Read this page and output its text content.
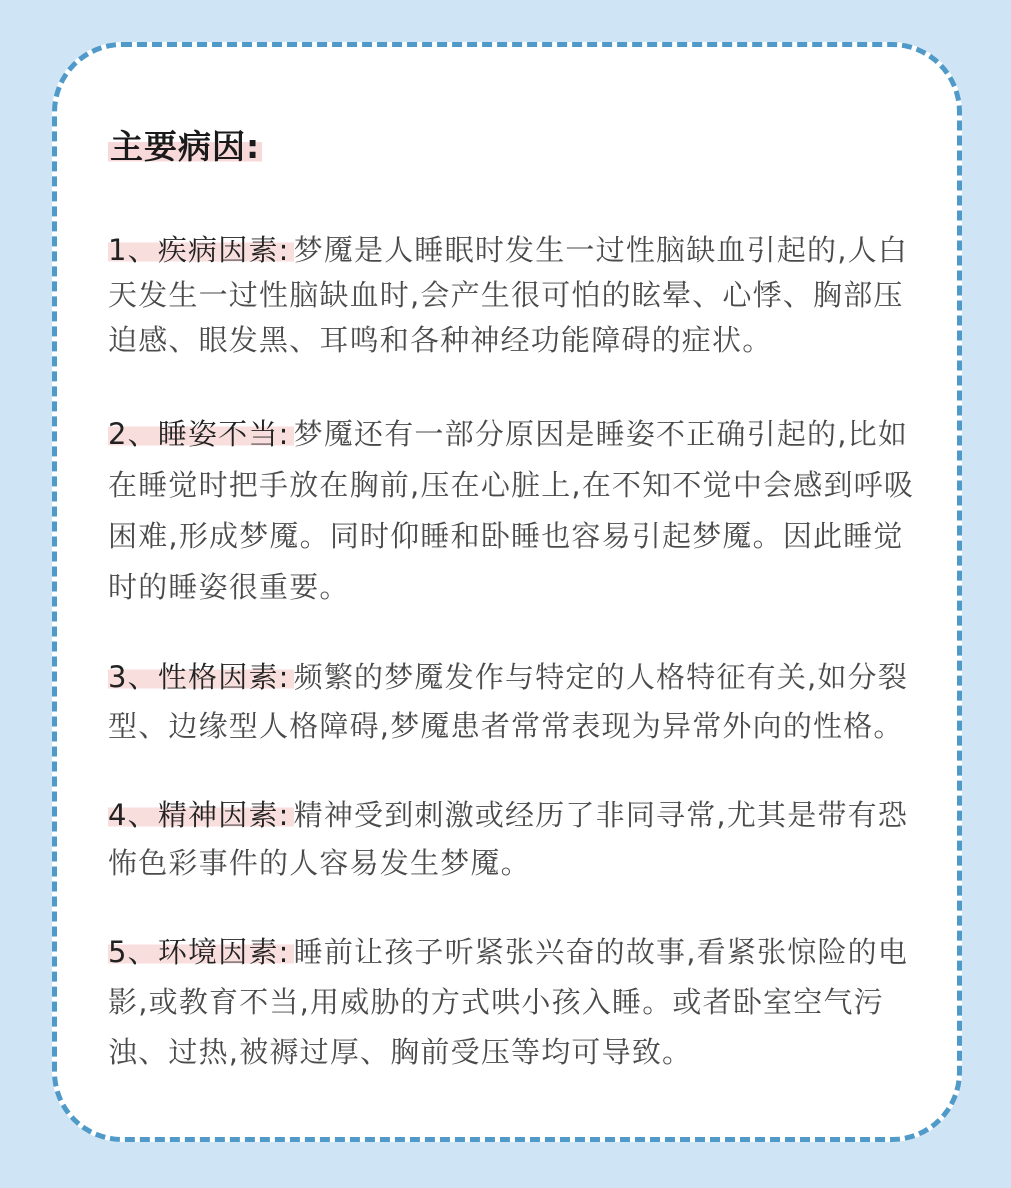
主要病因:

1、疾病因素: 梦魇是人睡眠时发生一过性脑缺血引起的,人白天发生一过性脑缺血时,会产生很可怕的眩晕、心悸、胸部压迫感、眼发黑、耳鸣和各种神经功能障碍的症状。

2、睡姿不当: 梦魇还有一部分原因是睡姿不正确引起的,比如在睡觉时把手放在胸前,压在心脏上,在不知不觉中会感到呼吸困难,形成梦魇。同时仰睡和卧睡也容易引起梦魇。因此睡觉时的睡姿很重要。

3、性格因素: 频繁的梦魇发作与特定的人格特征有关,如分裂型、边缘型人格障碍,梦魇患者常常表现为异常外向的性格。

4、精神因素: 精神受到刺激或经历了非同寻常,尤其是带有恐怖色彩事件的人容易发生梦魇。

5、环境因素: 睡前让孩子听紧张兴奋的故事,看紧张惊险的电影,或教育不当,用威胁的方式哄小孩入睡。或者卧室空气污浊、过热,被褥过厚、胸前受压等均可导致。
